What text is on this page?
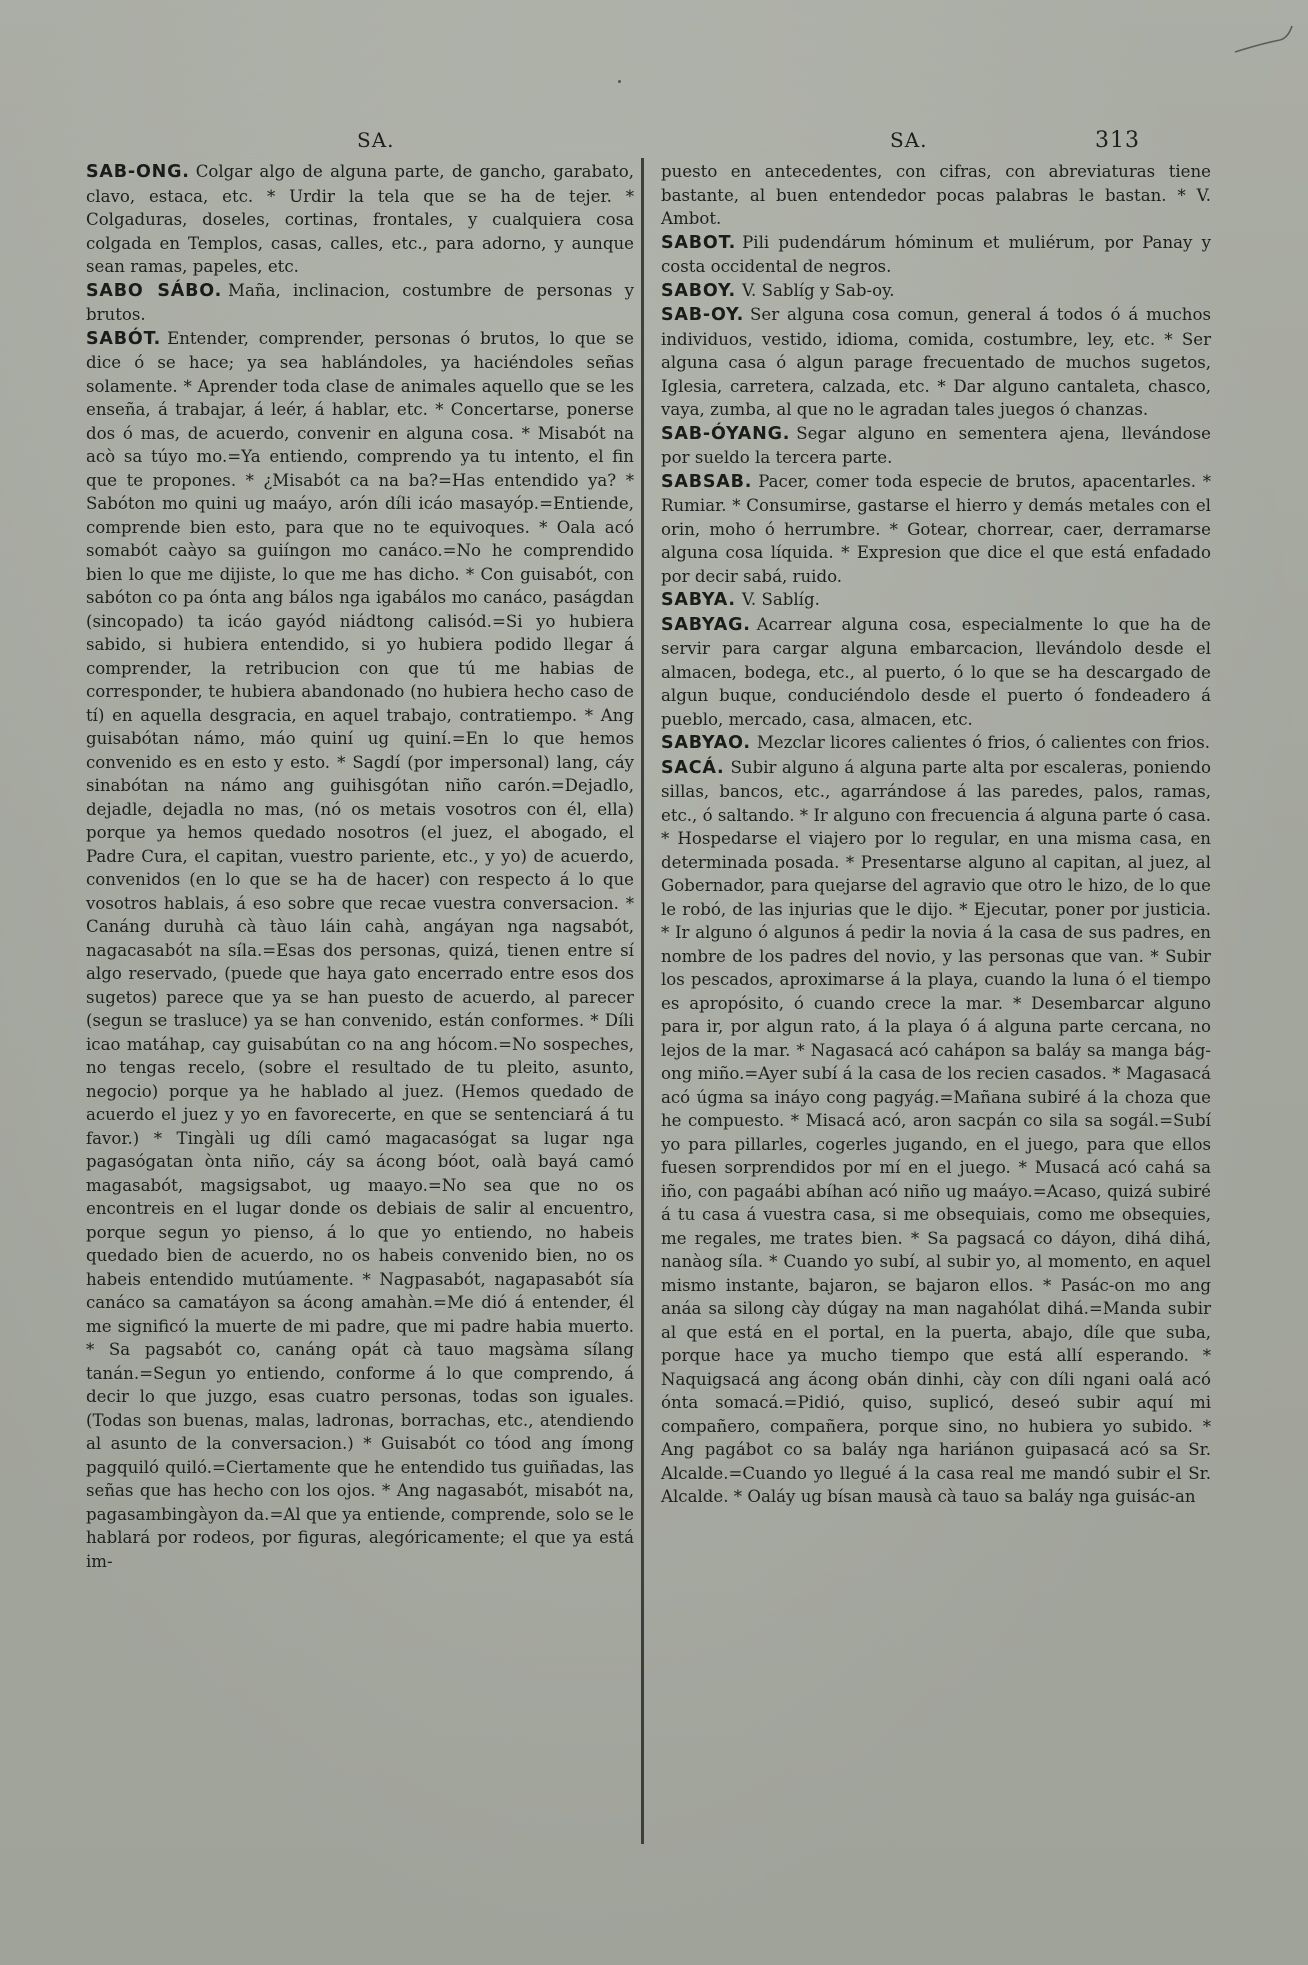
SA.	SA.	313

SAB-ONG. Colgar algo de alguna parte, de gancho, garabato, clavo, estaca, etc. * Urdir la tela que se ha de tejer. * Colgaduras, doseles, cortinas, frontales, y cualquiera cosa colgada en Templos, casas, calles, etc., para adorno, y aunque sean ramas, papeles, etc.

SABO SÁBO. Maña, inclinacion, costumbre de personas y brutos.

SABÓT. Entender, comprender, personas ó brutos, lo que se dice ó se hace; ya sea hablándoles, ya haciéndoles señas solamente. * Aprender toda clase de animales aquello que se les enseña, á trabajar, á leér, á hablar, etc. * Concertarse, ponerse dos ó mas, de acuerdo, convenir en alguna cosa. * Misabót na acò sa túyo mo.=Ya entiendo, comprendo ya tu intento, el fin que te propones. * ¿Misabót ca na ba?=Has entendido ya? * Sabóton mo quini ug maáyo, arón díli icáo masayóp.=Entiende, comprende bien esto, para que no te equivoques. * Oala acó somabót caàyo sa guiíngon mo canáco.=No he comprendido bien lo que me dijiste, lo que me has dicho. * Con guisabót, con sabóton co pa ónta ang bálos nga igabálos mo canáco, paságdan (sincopado) ta icáo gayód niádtong calisód.=Si yo hubiera sabido, si hubiera entendido, si yo hubiera podido llegar á comprender, la retribucion con que tú me habias de corresponder, te hubiera abandonado (no hubiera hecho caso de tí) en aquella desgracia, en aquel trabajo, contratiempo. * Ang guisabótan námo, máo quiní ug quiní.=En lo que hemos convenido es en esto y esto. * Sagdí (por impersonal) lang, cáy sinabótan na námo ang guihisgótan niño carón.=Dejadlo, dejadle, dejadla no mas, (nó os metais vosotros con él, ella) porque ya hemos quedado nosotros (el juez, el abogado, el Padre Cura, el capitan, vuestro pariente, etc., y yo) de acuerdo, convenidos (en lo que se ha de hacer) con respecto á lo que vosotros hablais, á eso sobre que recae vuestra conversacion. * Canáng duruhà cà tàuo láin cahà, angáyan nga nagsabót, nagacasabót na síla.=Esas dos personas, quizá, tienen entre sí algo reservado, (puede que haya gato encerrado entre esos dos sugetos) parece que ya se han puesto de acuerdo, al parecer (segun se trasluce) ya se han convenido, están conformes. * Díli icao matáhap, cay guisabútan co na ang hócom.=No sospeches, no tengas recelo, (sobre el resultado de tu pleito, asunto, negocio) porque ya he hablado al juez. (Hemos quedado de acuerdo el juez y yo en favorecerte, en que se sentenciará á tu favor.) * Tingàli ug díli camó magacasógat sa lugar nga pagasógatan ònta niño, cáy sa ácong bóot, oalà bayá camó magasabót, magsigsabot, ug maayo.=No sea que no os encontreis en el lugar donde os debiais de salir al encuentro, porque segun yo pienso, á lo que yo entiendo, no habeis quedado bien de acuerdo, no os habeis convenido bien, no os habeis entendido mutúamente. * Nagpasabót, nagapasabót sía canáco sa camatáyon sa ácong amahàn.=Me dió á entender, él me significó la muerte de mi padre, que mi padre habia muerto. * Sa pagsabót co, canáng opát cà tauo magsàma sílang tanán.=Segun yo entiendo, conforme á lo que comprendo, á decir lo que juzgo, esas cuatro personas, todas son iguales. (Todas son buenas, malas, ladronas, borrachas, etc., atendiendo al asunto de la conversacion.) * Guisabót co tóod ang ímong pagquiló quiló.=Ciertamente que he entendido tus guiñadas, las señas que has hecho con los ojos. * Ang nagasabót, misabót na, pagasambingàyon da.=Al que ya entiende, comprende, solo se le hablará por rodeos, por figuras, alegóricamente; el que ya está im-

puesto en antecedentes, con cifras, con abreviaturas tiene bastante, al buen entendedor pocas palabras le bastan. * V. Ambot.

SABOT. Pili pudendárum hóminum et muliérum, por Panay y costa occidental de negros.

SABOY. V. Sablíg y Sab-oy.

SAB-OY. Ser alguna cosa comun, general á todos ó á muchos individuos, vestido, idioma, comida, costumbre, ley, etc. * Ser alguna casa ó algun parage frecuentado de muchos sugetos, Iglesia, carretera, calzada, etc. * Dar alguno cantaleta, chasco, vaya, zumba, al que no le agradan tales juegos ó chanzas.

SAB-ÓYANG. Segar alguno en sementera ajena, llevándose por sueldo la tercera parte.

SABSAB. Pacer, comer toda especie de brutos, apacentarles. * Rumiar. * Consumirse, gastarse el hierro y demás metales con el orin, moho ó herrumbre. * Gotear, chorrear, caer, derramarse alguna cosa líquida. * Expresion que dice el que está enfadado por decir sabá, ruido.

SABYA. V. Sablíg.

SABYAG. Acarrear alguna cosa, especialmente lo que ha de servir para cargar alguna embarcacion, llevándolo desde el almacen, bodega, etc., al puerto, ó lo que se ha descargado de algun buque, conduciéndolo desde el puerto ó fondeadero á pueblo, mercado, casa, almacen, etc.

SABYAO. Mezclar licores calientes ó frios, ó calientes con frios.

SACÁ. Subir alguno á alguna parte alta por escaleras, poniendo sillas, bancos, etc., agarrándose á las paredes, palos, ramas, etc., ó saltando. * Ir alguno con frecuencia á alguna parte ó casa. * Hospedarse el viajero por lo regular, en una misma casa, en determinada posada. * Presentarse alguno al capitan, al juez, al Gobernador, para quejarse del agravio que otro le hizo, de lo que le robó, de las injurias que le dijo. * Ejecutar, poner por justicia. * Ir alguno ó algunos á pedir la novia á la casa de sus padres, en nombre de los padres del novio, y las personas que van. * Subir los pescados, aproximarse á la playa, cuando la luna ó el tiempo es apropósito, ó cuando crece la mar. * Desembarcar alguno para ir, por algun rato, á la playa ó á alguna parte cercana, no lejos de la mar. * Nagasacá acó cahápon sa baláy sa manga bág-ong miño.=Ayer subí á la casa de los recien casados. * Magasacá acó úgma sa ináyo cong pagyág.=Mañana subiré á la choza que he compuesto. * Misacá acó, aron sacpán co sila sa sogál.=Subí yo para pillarles, cogerles jugando, en el juego, para que ellos fuesen sorprendidos por mí en el juego. * Musacá acó cahá sa iño, con pagaábi abíhan acó niño ug maáyo.=Acaso, quizá subiré á tu casa á vuestra casa, si me obsequiais, como me obsequies, me regales, me trates bien. * Sa pagsacá co dáyon, dihá dihá, nanàog síla. * Cuando yo subí, al subir yo, al momento, en aquel mismo instante, bajaron, se bajaron ellos. * Pasác-on mo ang anáa sa silong cày dúgay na man nagahólat dihá.=Manda subir al que está en el portal, en la puerta, abajo, díle que suba, porque hace ya mucho tiempo que está allí esperando. * Naquigsacá ang ácong obán dinhi, cày con díli ngani oalá acó ónta somacá.=Pidió, quiso, suplicó, deseó subir aquí mi compañero, compañera, porque sino, no hubiera yo subido. * Ang pagábot co sa baláy nga hariánon guipasacá acó sa Sr. Alcalde.=Cuando yo llegué á la casa real me mandó subir el Sr. Alcalde. * Oaláy ug bísan mausà cà tauo sa baláy nga guisác-an
